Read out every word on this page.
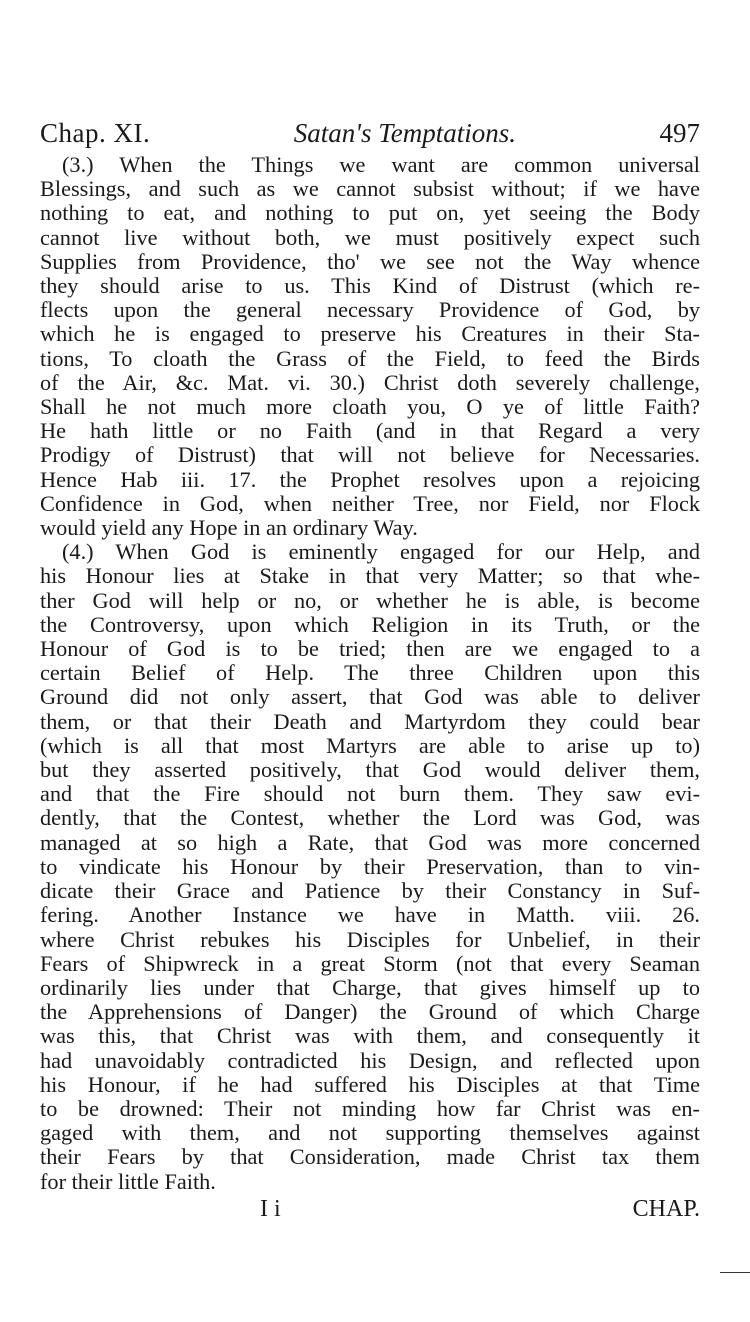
Chap. XI.	Satan's Temptations.	497
(3.) When the Things we want are common universal
Blessings, and such as we cannot subsist without; if we have
nothing to eat, and nothing to put on, yet seeing the Body
cannot live without both, we must positively expect such
Supplies from Providence, tho' we see not the Way whence
they should arise to us. This Kind of Distrust (which re-
flects upon the general necessary Providence of God, by
which he is engaged to preserve his Creatures in their Sta-
tions, To cloath the Grass of the Field, to feed the Birds
of the Air, &c. Mat. vi. 30.) Christ doth severely challenge,
Shall he not much more cloath you, O ye of little Faith?
He hath little or no Faith (and in that Regard a very
Prodigy of Distrust) that will not believe for Necessaries.
Hence Hab iii. 17. the Prophet resolves upon a rejoicing
Confidence in God, when neither Tree, nor Field, nor Flock
would yield any Hope in an ordinary Way.
(4.) When God is eminently engaged for our Help, and
his Honour lies at Stake in that very Matter; so that whe-
ther God will help or no, or whether he is able, is become
the Controversy, upon which Religion in its Truth, or the
Honour of God is to be tried; then are we engaged to a
certain Belief of Help. The three Children upon this
Ground did not only assert, that God was able to deliver
them, or that their Death and Martyrdom they could bear
(which is all that most Martyrs are able to arise up to)
but they asserted positively, that God would deliver them,
and that the Fire should not burn them. They saw evi-
dently, that the Contest, whether the Lord was God, was
managed at so high a Rate, that God was more concerned
to vindicate his Honour by their Preservation, than to vin-
dicate their Grace and Patience by their Constancy in Suf-
fering. Another Instance we have in Matth. viii. 26.
where Christ rebukes his Disciples for Unbelief, in their
Fears of Shipwreck in a great Storm (not that every Seaman
ordinarily lies under that Charge, that gives himself up to
the Apprehensions of Danger) the Ground of which Charge
was this, that Christ was with them, and consequently it
had unavoidably contradicted his Design, and reflected upon
his Honour, if he had suffered his Disciples at that Time
to be drowned: Their not minding how far Christ was en-
gaged with them, and not supporting themselves against
their Fears by that Consideration, made Christ tax them
for their little Faith.
I i	CHAP.
